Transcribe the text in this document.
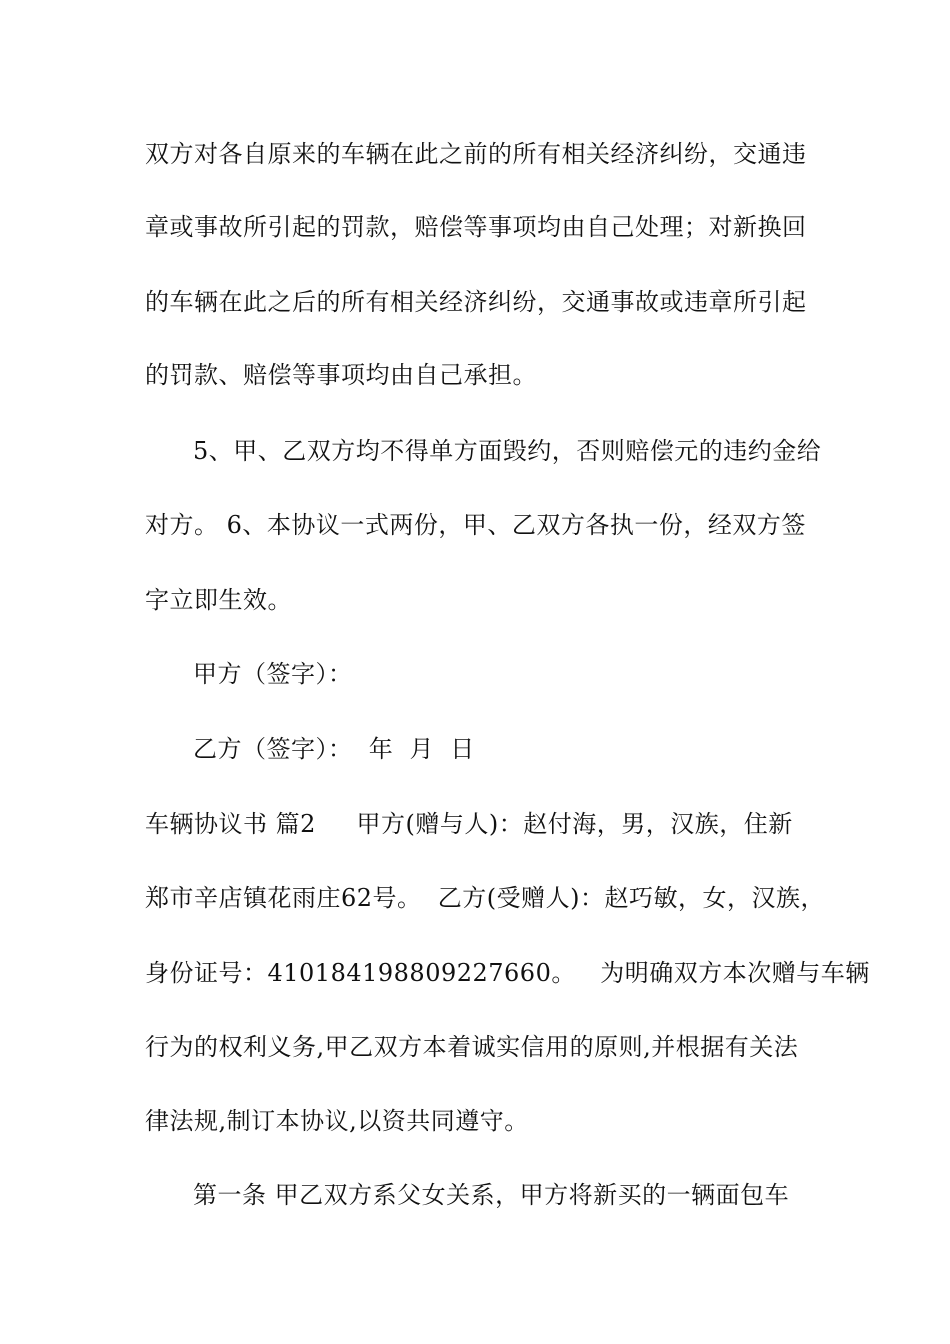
双方对各自原来的车辆在此之前的所有相关经济纠纷，交通违
章或事故所引起的罚款，赔偿等事项均由自己处理；对新换回
的车辆在此之后的所有相关经济纠纷，交通事故或违章所引起
的罚款、赔偿等事项均由自己承担。
5、甲、乙双方均不得单方面毁约，否则赔偿元的违约金给
对方。 6、本协议一式两份，甲、乙双方各执一份，经双方签
字立即生效。
甲方（签字）：
乙方（签字）：  年  月  日
车辆协议书 篇2     甲方(赠与人)：赵付海，男，汉族，住新
郑市辛店镇花雨庄62号。  乙方(受赠人)：赵巧敏，女，汉族，
身份证号：410184198809227660。   为明确双方本次赠与车辆
行为的权利义务,甲乙双方本着诚实信用的原则,并根据有关法
律法规,制订本协议,以资共同遵守。
第一条 甲乙双方系父女关系，甲方将新买的一辆面包车
